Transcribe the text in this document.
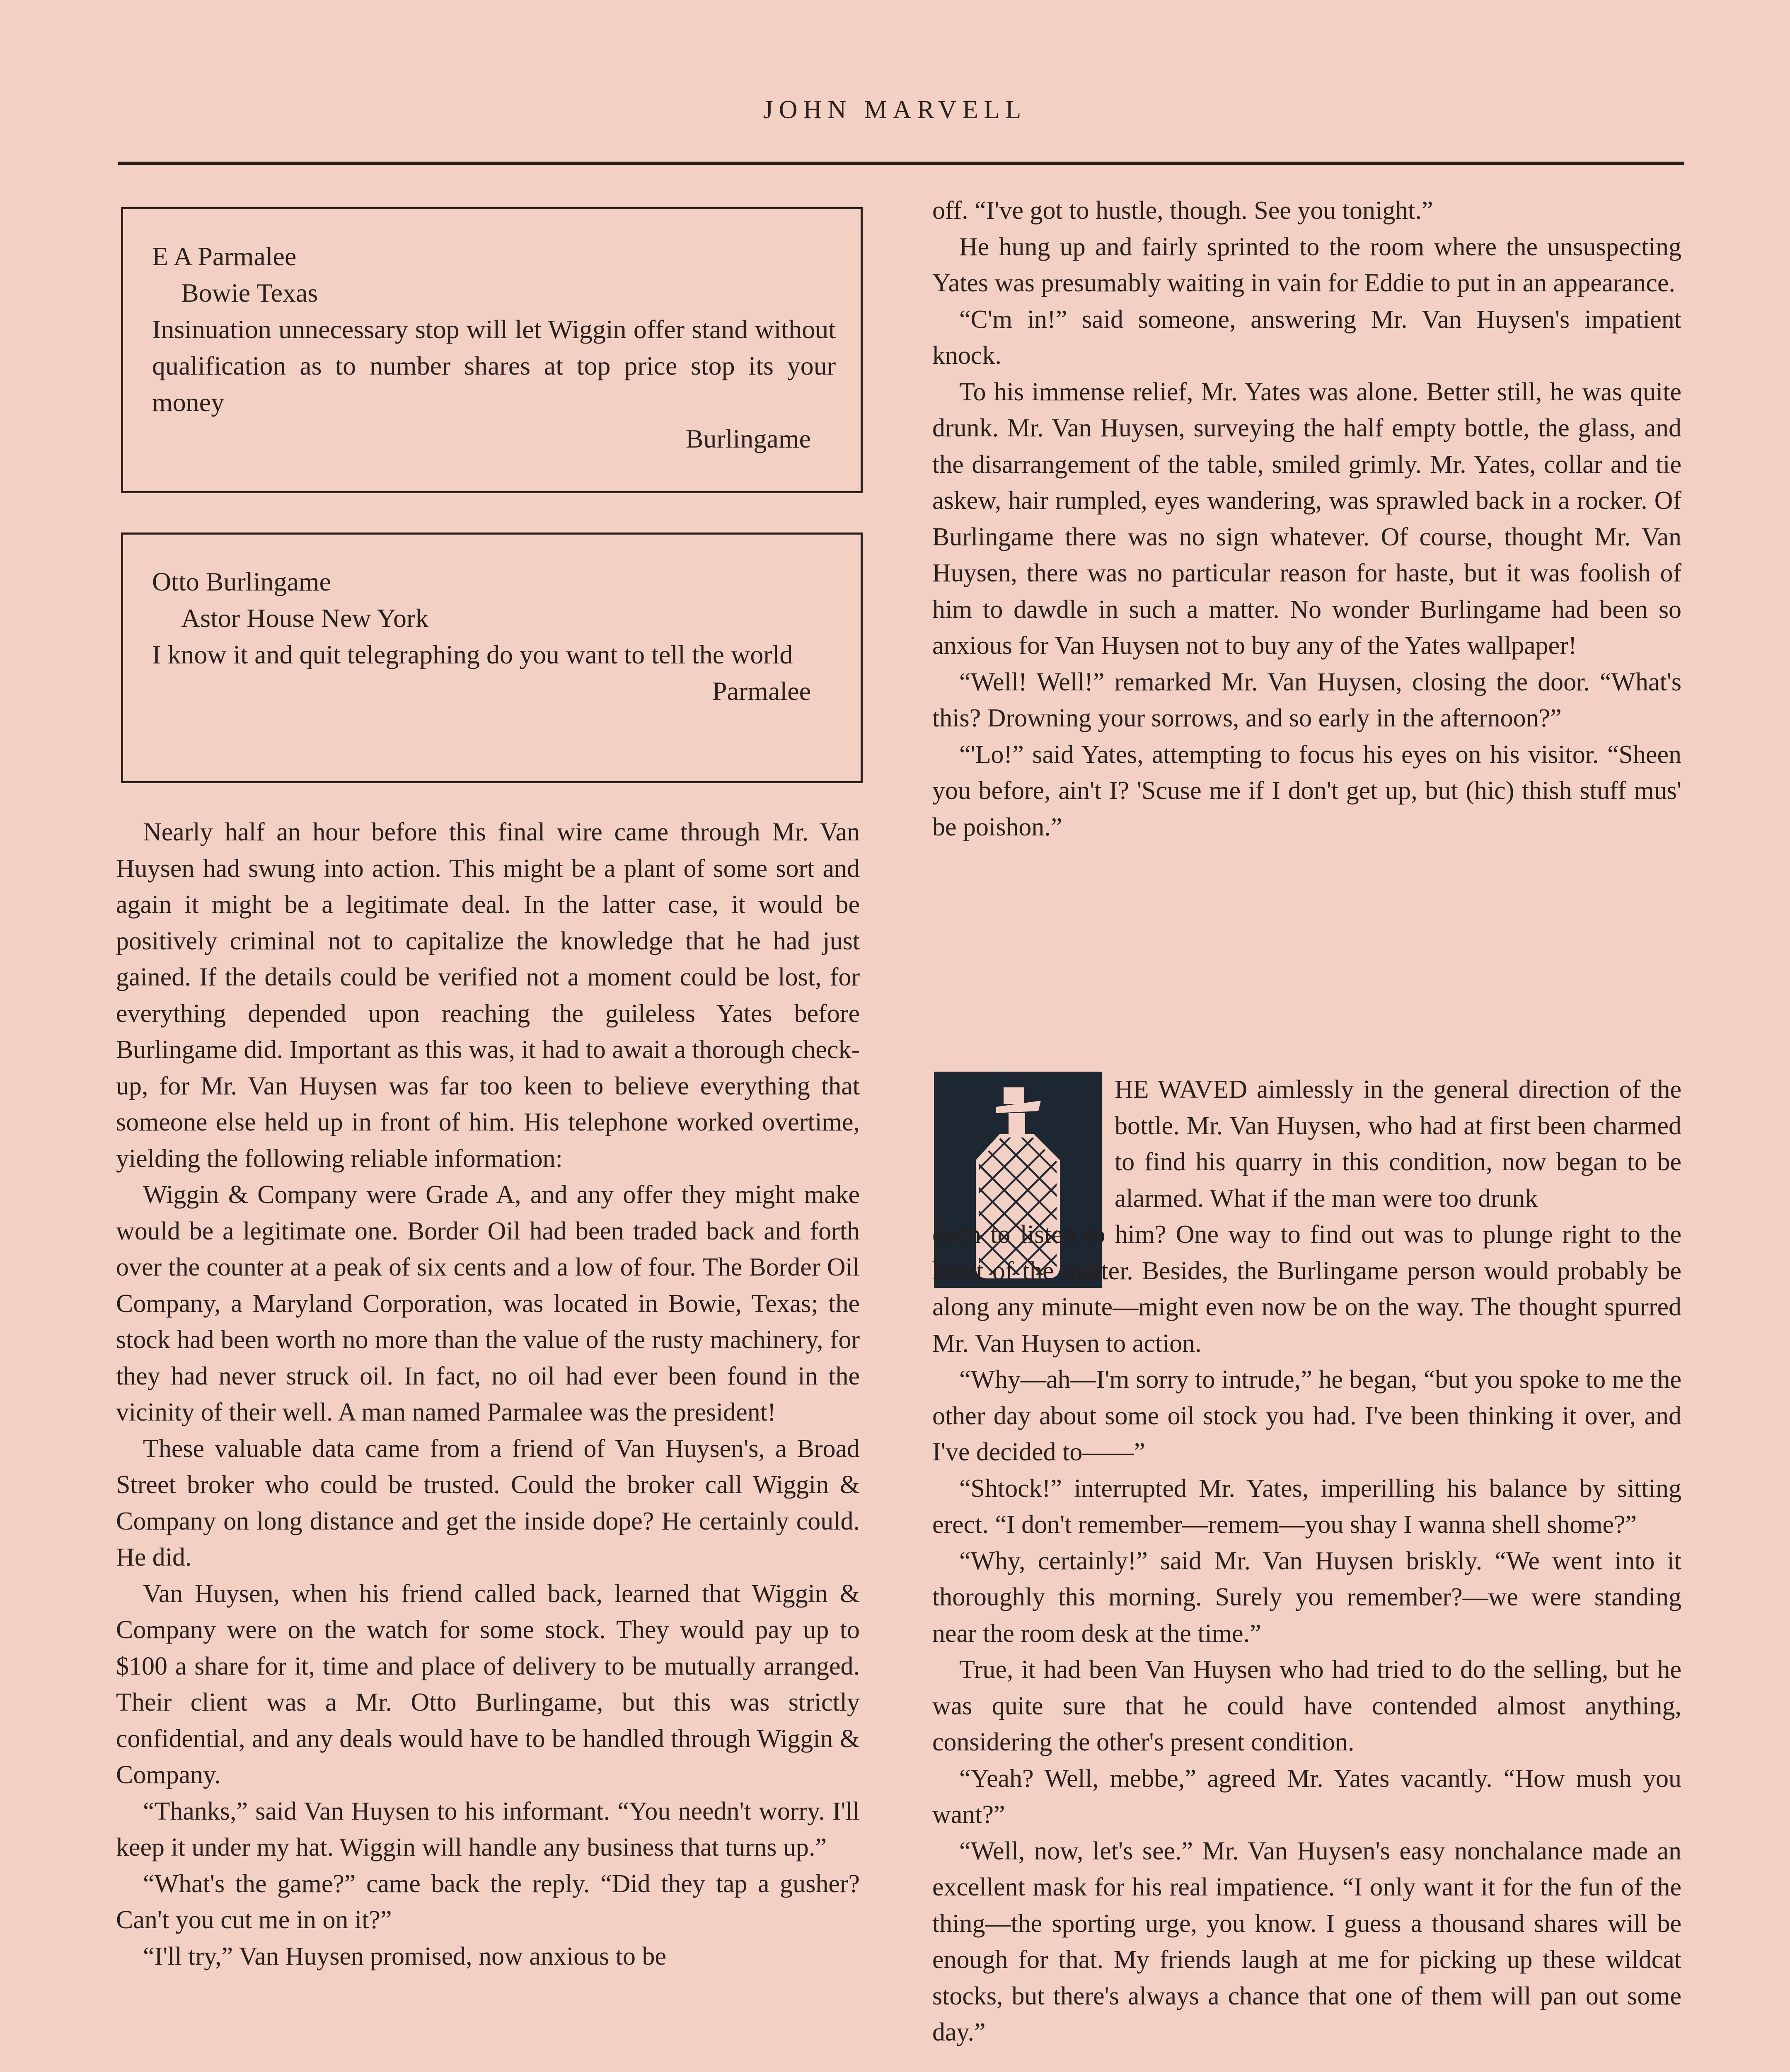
JOHN MARVELL
E A Parmalee
Bowie Texas
Insinuation unnecessary stop will let Wiggin offer stand without qualification as to number shares at top price stop its your money
Burlingame
Otto Burlingame
Astor House New York
I know it and quit telegraphing do you want to tell the world
Parmalee

Nearly half an hour before this final wire came through Mr. Van Huysen had swung into action. This might be a plant of some sort and again it might be a legitimate deal. In the latter case, it would be positively criminal not to capitalize the knowledge that he had just gained. If the details could be verified not a moment could be lost, for everything depended upon reaching the guileless Yates before Burlingame did. Important as this was, it had to await a thorough check-up, for Mr. Van Huysen was far too keen to believe everything that someone else held up in front of him. His telephone worked overtime, yielding the following reliable information:

Wiggin & Company were Grade A, and any offer they might make would be a legitimate one. Border Oil had been traded back and forth over the counter at a peak of six cents and a low of four. The Border Oil Company, a Maryland Corporation, was located in Bowie, Texas; the stock had been worth no more than the value of the rusty machinery, for they had never struck oil. In fact, no oil had ever been found in the vicinity of their well. A man named Parmalee was the president!

These valuable data came from a friend of Van Huysen's, a Broad Street broker who could be trusted. Could the broker call Wiggin & Company on long distance and get the inside dope? He certainly could. He did.

Van Huysen, when his friend called back, learned that Wiggin & Company were on the watch for some stock. They would pay up to $100 a share for it, time and place of delivery to be mutually arranged. Their client was a Mr. Otto Burlingame, but this was strictly confidential, and any deals would have to be handled through Wiggin & Company.

“Thanks,” said Van Huysen to his informant. “You needn't worry. I'll keep it under my hat. Wiggin will handle any business that turns up.”

“What's the game?” came back the reply. “Did they tap a gusher? Can't you cut me in on it?”

“I'll try,” Van Huysen promised, now anxious to be

off. “I've got to hustle, though. See you tonight.”

He hung up and fairly sprinted to the room where the unsuspecting Yates was presumably waiting in vain for Eddie to put in an appearance.

“C'm in!” said someone, answering Mr. Van Huysen's impatient knock.

To his immense relief, Mr. Yates was alone. Better still, he was quite drunk. Mr. Van Huysen, surveying the half empty bottle, the glass, and the disarrangement of the table, smiled grimly. Mr. Yates, collar and tie askew, hair rumpled, eyes wandering, was sprawled back in a rocker. Of Burlingame there was no sign whatever. Of course, thought Mr. Van Huysen, there was no particular reason for haste, but it was foolish of him to dawdle in such a matter. No wonder Burlingame had been so anxious for Van Huysen not to buy any of the Yates wallpaper!

“Well! Well!” remarked Mr. Van Huysen, closing the door. “What's this? Drowning your sorrows, and so early in the afternoon?”

“'Lo!” said Yates, attempting to focus his eyes on his visitor. “Sheen you before, ain't I? 'Scuse me if I don't get up, but (hic) thish stuff mus' be poishon.”

HE WAVED aimlessly in the general direction of the bottle. Mr. Van Huysen, who had at first been charmed to find his quarry in this condition, now began to be alarmed. What if the man were too drunk

even to listen to him? One way to find out was to plunge right to the heart of the matter. Besides, the Burlingame person would probably be along any minute—might even now be on the way. The thought spurred Mr. Van Huysen to action.

“Why—ah—I'm sorry to intrude,” he began, “but you spoke to me the other day about some oil stock you had. I've been thinking it over, and I've decided to——”

“Shtock!” interrupted Mr. Yates, imperilling his balance by sitting erect. “I don't remember—remem—you shay I wanna shell shome?”

“Why, certainly!” said Mr. Van Huysen briskly. “We went into it thoroughly this morning. Surely you remember?—we were standing near the room desk at the time.”

True, it had been Van Huysen who had tried to do the selling, but he was quite sure that he could have contended almost anything, considering the other's present condition.

“Yeah? Well, mebbe,” agreed Mr. Yates vacantly. “How mush you want?”

“Well, now, let's see.” Mr. Van Huysen's easy nonchalance made an excellent mask for his real impatience. “I only want it for the fun of the thing—the sporting urge, you know. I guess a thousand shares will be enough for that. My friends laugh at me for picking up these wildcat stocks, but there's always a chance that one of them will pan out some day.”
